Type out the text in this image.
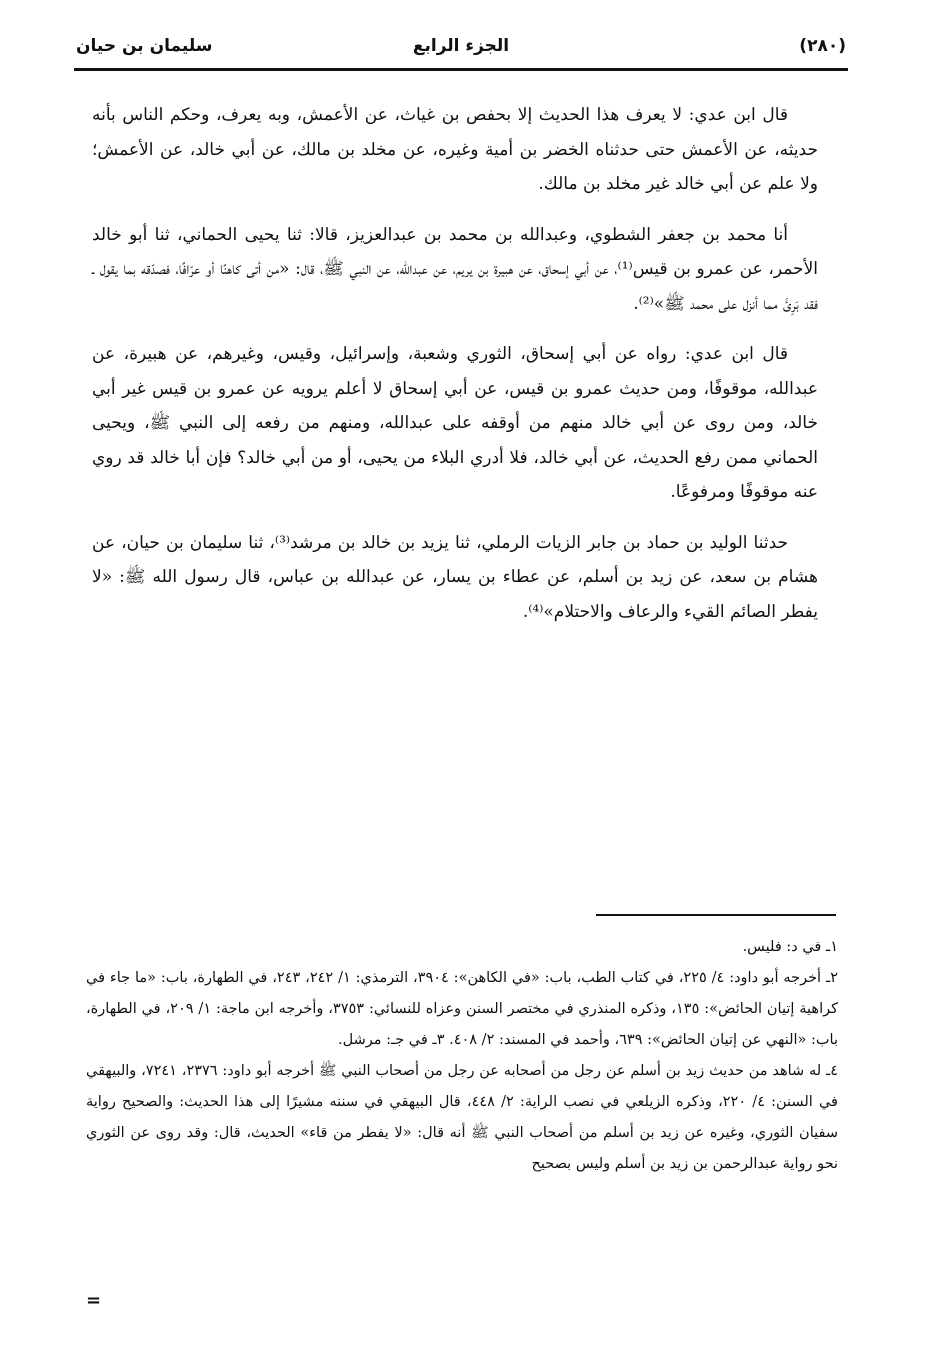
(٢٨٠)
الجزء الرابع
سليمان بن حيان

قال ابن عدي: لا يعرف هذا الحديث إلا بحفص بن غياث، عن الأعمش، وبه يعرف، وحكم الناس بأنه حديثه، عن الأعمش حتى حدثناه الخضر بن أمية وغيره، عن مخلد بن مالك، عن أبي خالد، عن الأعمش؛ ولا علم عن أبي خالد غير مخلد بن مالك.

أنا محمد بن جعفر الشطوي، وعبدالله بن محمد بن عبدالعزيز، قالا: ثنا يحيى الحماني، ثنا أبو خالد الأحمر، عن عمرو بن قيس⁽¹⁾، عن أبي إسحاق، عن هبيرة بن يريم، عن عبدالله، عن النبي ﷺ، قال: «من أتى كاهنًا أو عرّافًا، فصدّقه بما يقول ـ فقد بَرِئَ مما أنزل على محمد ﷺ»⁽²⁾.

قال ابن عدي: رواه عن أبي إسحاق، الثوري وشعبة، وإسرائيل، وقيس، وغيرهم، عن هبيرة، عن عبدالله، موقوفًا، ومن حديث عمرو بن قيس، عن أبي إسحاق لا أعلم يرويه عن عمرو بن قيس غير أبي خالد، ومن روى عن أبي خالد منهم من أوقفه على عبدالله، ومنهم من رفعه إلى النبي ﷺ، ويحيى الحماني ممن رفع الحديث، عن أبي خالد، فلا أدري البلاء من يحيى، أو من أبي خالد؟ فإن أبا خالد قد روي عنه موقوفًا ومرفوعًا.

حدثنا الوليد بن حماد بن جابر الزيات الرملي، ثنا يزيد بن خالد بن مرشد⁽³⁾، ثنا سليمان بن حيان، عن هشام بن سعد، عن زيد بن أسلم، عن عطاء بن يسار، عن عبدالله بن عباس، قال رسول الله ﷺ: «لا يفطر الصائم القيء والرعاف والاحتلام»⁽⁴⁾.

١ـ في د: فليس.

٢ـ أخرجه أبو داود: ٤/ ٢٢٥، في كتاب الطب، باب: «في الكاهن»: ٣٩٠٤، الترمذي: ١/ ٢٤٢، ٢٤٣، في الطهارة، باب: «ما جاء في كراهية إتيان الحائض»: ١٣٥، وذكره المنذري في مختصر السنن وعزاه للنسائي: ٣٧٥٣، وأخرجه ابن ماجة: ١/ ٢٠٩، في الطهارة، باب: «النهي عن إتيان الحائض»: ٦٣٩، وأحمد في المسند: ٢/ ٤٠٨. ٣ـ في جـ: مرشل.

٤ـ له شاهد من حديث زيد بن أسلم عن رجل من أصحابه عن رجل من أصحاب النبي ﷺ أخرجه أبو داود: ٢٣٧٦، ٧٢٤١، والبيهقي في السنن: ٤/ ٢٢٠، وذكره الزيلعي في نصب الراية: ٢/ ٤٤٨، قال البيهقي في سننه مشيرًا إلى هذا الحديث: والصحيح رواية سفيان الثوري، وغيره عن زيد بن أسلم من أصحاب النبي ﷺ أنه قال: «لا يفطر من قاء» الحديث، قال: وقد روى عن الثوري نحو رواية عبدالرحمن بن زيد بن أسلم وليس بصحيح

=
